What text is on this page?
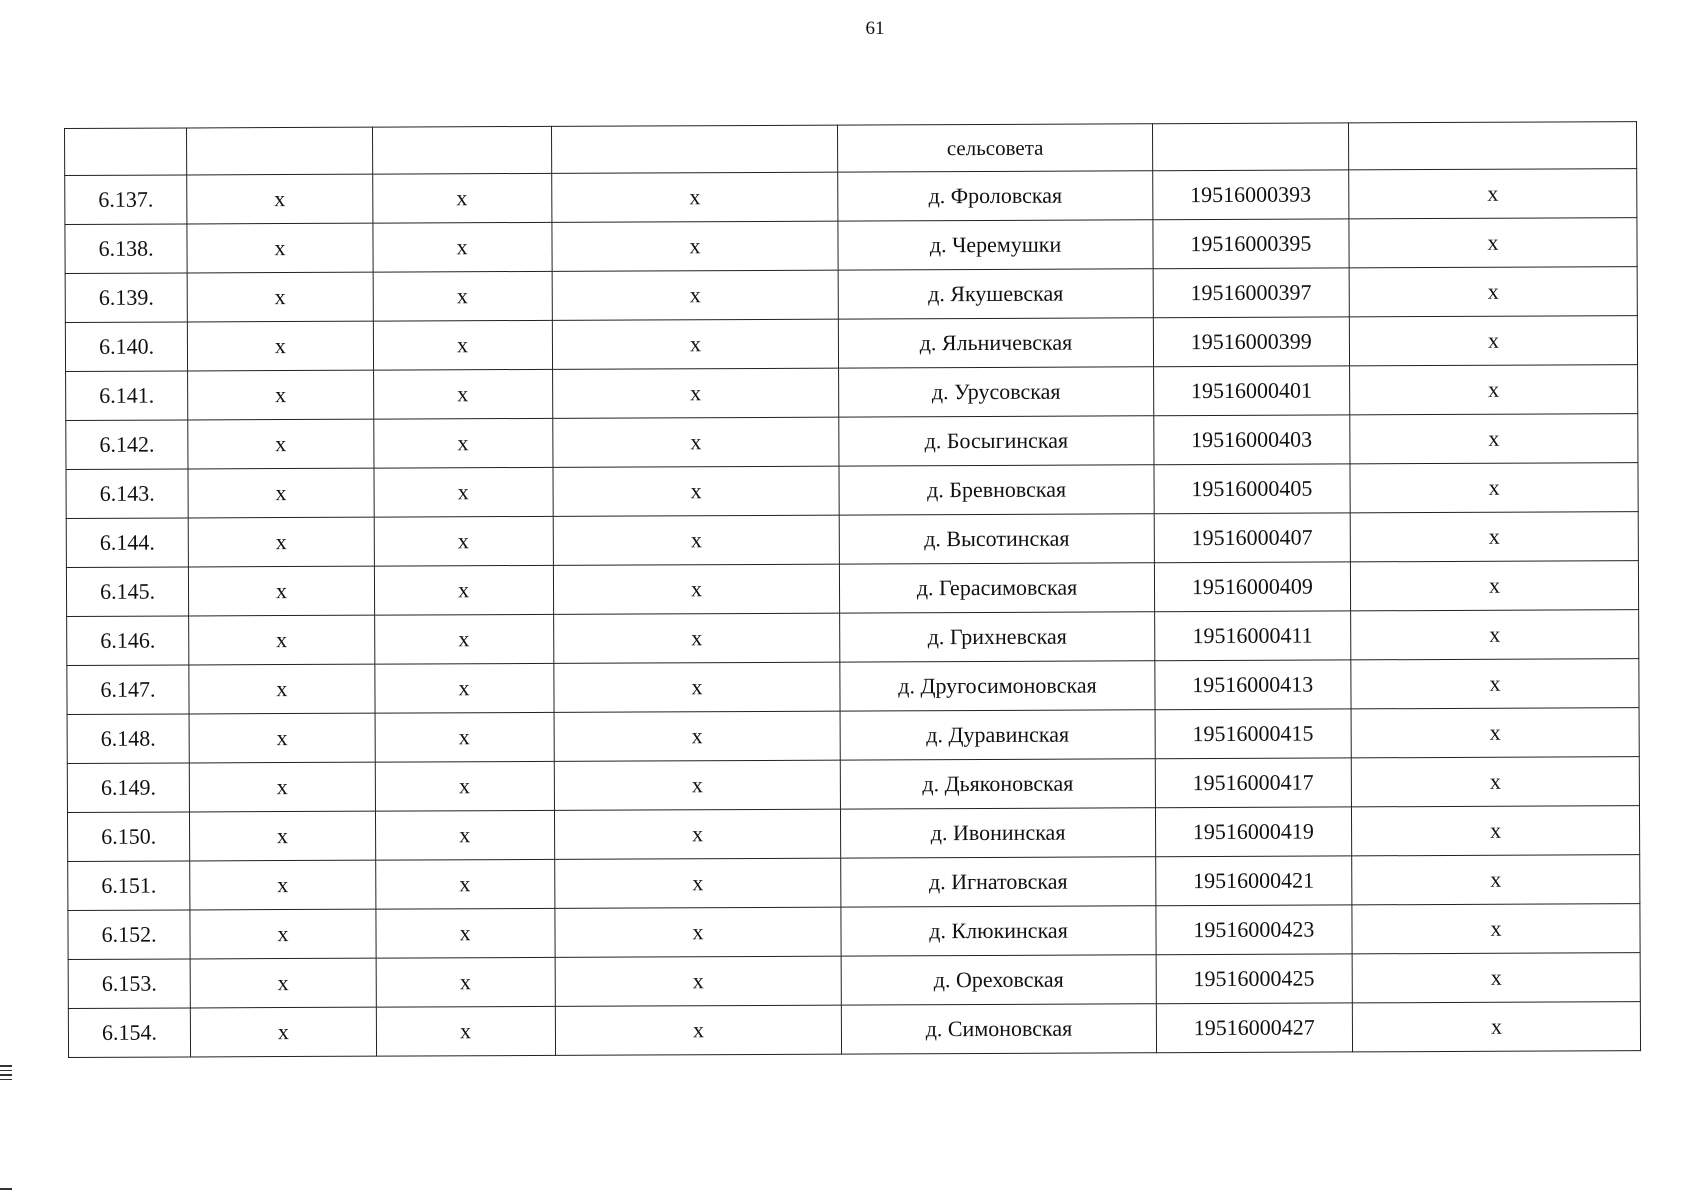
61
				сельсовета		
6.137.	х	х	х	д. Фроловская	19516000393	х
6.138.	х	х	х	д. Черемушки	19516000395	х
6.139.	х	х	х	д. Якушевская	19516000397	х
6.140.	х	х	х	д. Яльничевская	19516000399	х
6.141.	х	х	х	д. Урусовская	19516000401	х
6.142.	х	х	х	д. Босыгинская	19516000403	х
6.143.	х	х	х	д. Бревновская	19516000405	х
6.144.	х	х	х	д. Высотинская	19516000407	х
6.145.	х	х	х	д. Герасимовская	19516000409	х
6.146.	х	х	х	д. Грихневская	19516000411	х
6.147.	х	х	х	д. Другосимоновская	19516000413	х
6.148.	х	х	х	д. Дуравинская	19516000415	х
6.149.	х	х	х	д. Дьяконовская	19516000417	х
6.150.	х	х	х	д. Ивонинская	19516000419	х
6.151.	х	х	х	д. Игнатовская	19516000421	х
6.152.	х	х	х	д. Клюкинская	19516000423	х
6.153.	х	х	х	д. Ореховская	19516000425	х
6.154.	х	х	х	д. Симоновская	19516000427	х
